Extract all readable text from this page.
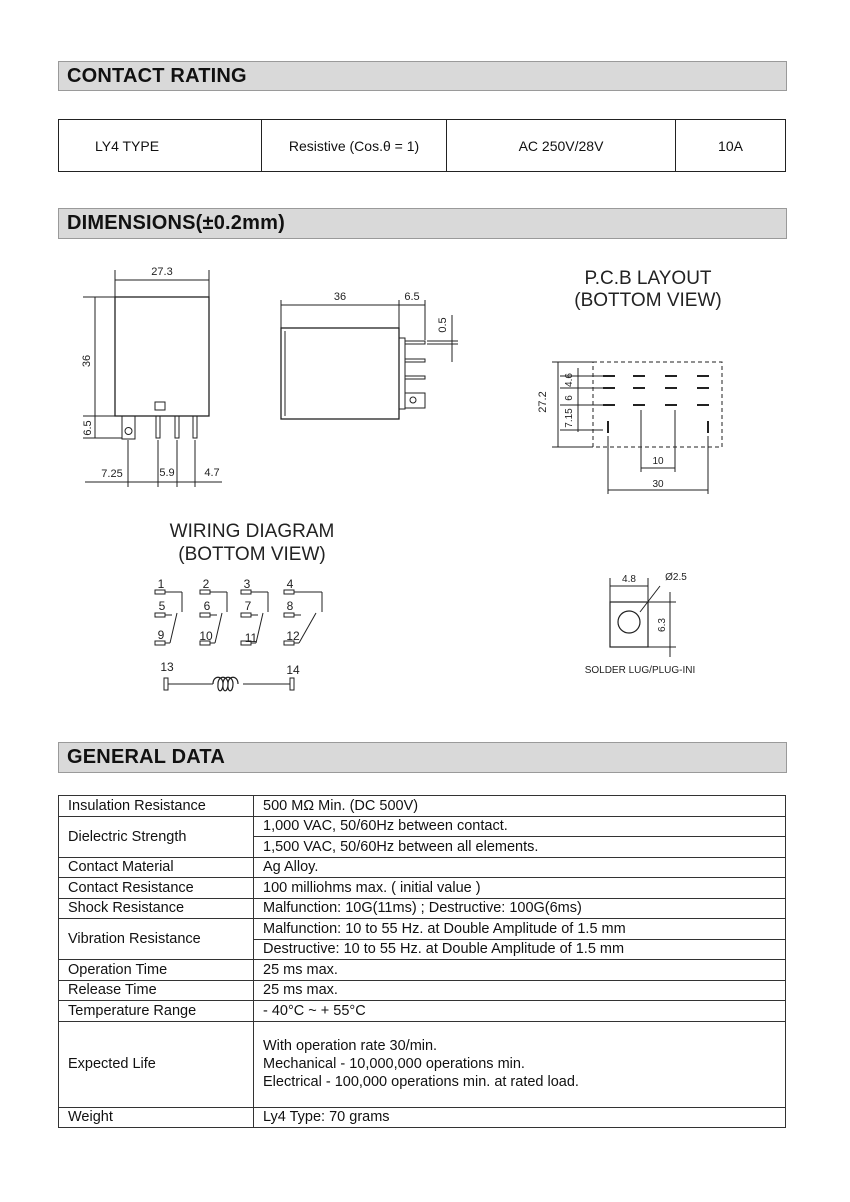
CONTACT RATING
LY4 TYPE	Resistive (Cos.θ = 1)	AC 250V/28V	10A
DIMENSIONS(±0.2mm)
27.3
36
6.5
7.25	5.9	4.7
36	6.5
0.5
P.C.B LAYOUT
(BOTTOM VIEW)
4.6
6
7.15
27.2
10
30
WIRING DIAGRAM
(BOTTOM VIEW)
1	2	3	4
5	6	7	8
9	10	11 12
13	14
4.8	Ø2.5
6.3
SOLDER LUG/PLUG-INI
GENERAL DATA
Insulation Resistance	500 MΩ Min. (DC 500V)
Dielectric Strength	1,000 VAC, 50/60Hz between contact.
	1,500 VAC, 50/60Hz between all elements.
Contact Material	Ag Alloy.
Contact Resistance	100 milliohms max. ( initial value )
Shock Resistance	Malfunction: 10G(11ms) ; Destructive: 100G(6ms)
Vibration Resistance	Malfunction: 10 to 55 Hz. at Double Amplitude of 1.5 mm
	Destructive: 10 to 55 Hz. at Double Amplitude of 1.5 mm
Operation Time	25 ms max.
Release Time	25 ms max.
Temperature Range	- 40°C ~ + 55°C
Expected Life	With operation rate 30/min.
Mechanical - 10,000,000 operations min.
Electrical - 100,000 operations min. at rated load.

Weight	Ly4 Type: 70 grams
